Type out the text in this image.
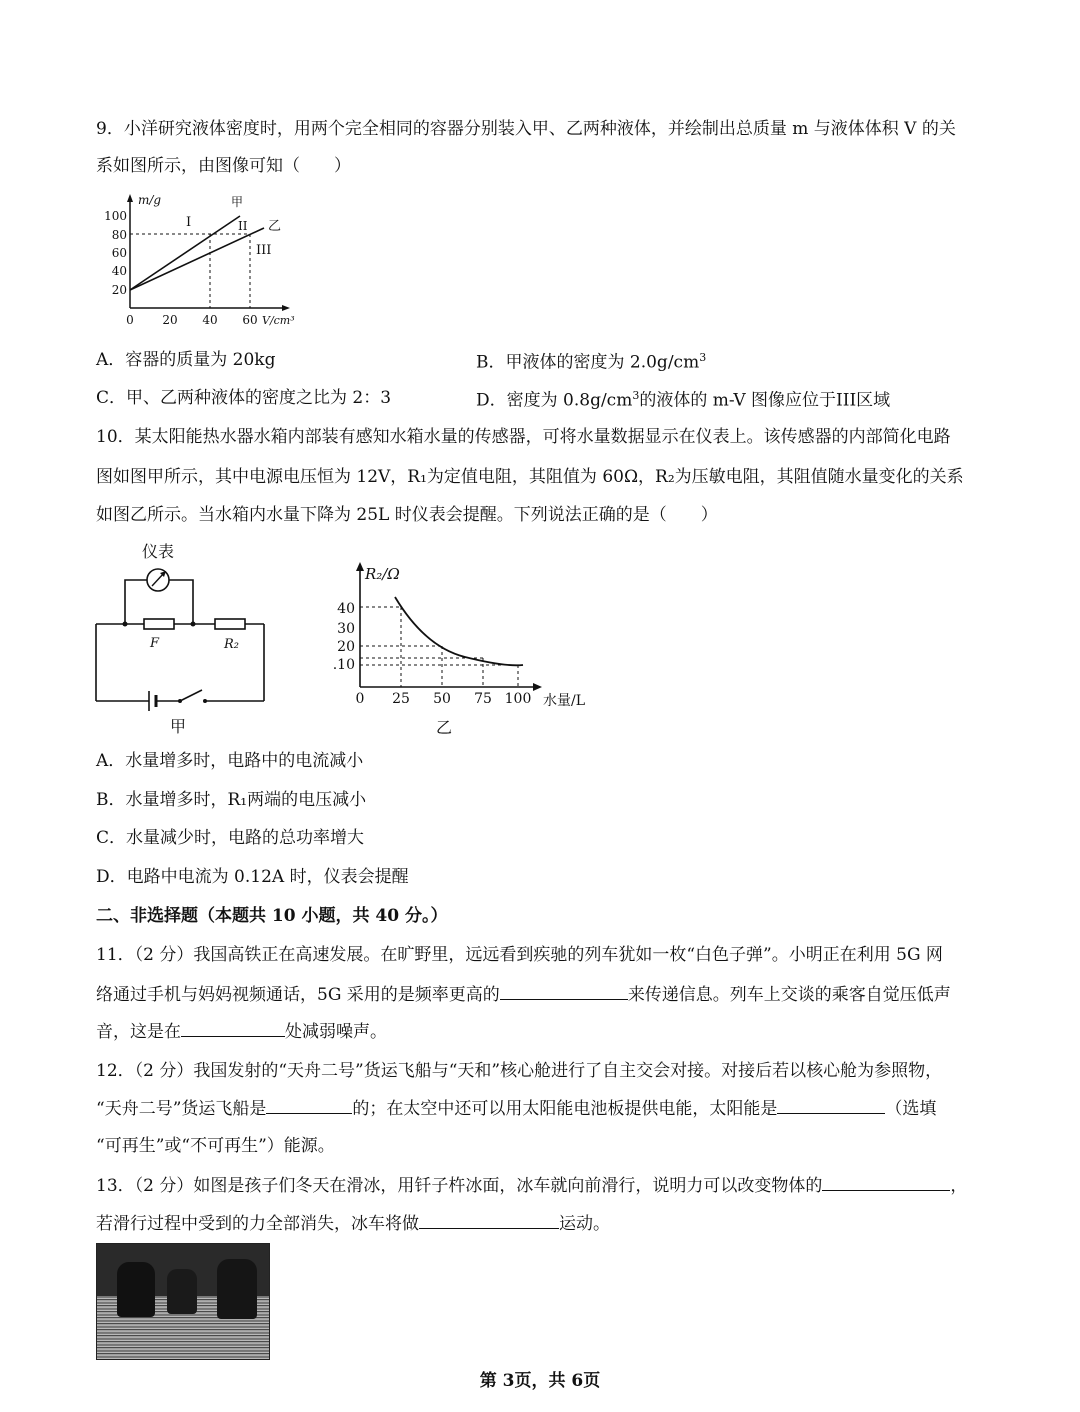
9．小洋研究液体密度时，用两个完全相同的容器分别装入甲、乙两种液体，并绘制出总质量 m 与液体体积 V 的关
系如图所示，由图像可知（　　）
m/g
100
80
60
40
20
0 20 40 60 V/cm³
甲
乙
I	II
III
A．容器的质量为 20kg	B．甲液体的密度为 $2.0g/cm^3$
C．甲、乙两种液体的密度之比为 2：3	D．密度为 $0.8g/cm^3$的液体的 m-V 图像应位于III区域
10．某太阳能热水器水箱内部装有感知水箱水量的传感器，可将水量数据显示在仪表上。该传感器的内部简化电路
图如图甲所示，其中电源电压恒为 12V，R₁为定值电阻，其阻值为 60Ω，R₂为压敏电阻，其阻值随水量变化的关系
如图乙所示。当水箱内水量下降为 25L 时仪表会提醒。下列说法正确的是（　　）
仪表
F	R₂
甲
R₂/Ω
40
30
20
.10
0 25 50 75 100 水量/L
乙
A．水量增多时，电路中的电流减小
B．水量增多时，R₁两端的电压减小
C．水量减少时，电路的总功率增大
D．电路中电流为 0.12A 时，仪表会提醒
二、非选择题（本题共 10 小题，共 40 分。）
11．（2 分）我国高铁正在高速发展。在旷野里，远远看到疾驰的列车犹如一枚“白色子弹”。小明正在利用 5G 网
络通过手机与妈妈视频通话，5G 采用的是频率更高的	来传递信息。列车上交谈的乘客自觉压低声
音，这是在	处减弱噪声。
12．（2 分）我国发射的“天舟二号”货运飞船与“天和”核心舱进行了自主交会对接。对接后若以核心舱为参照物，
“天舟二号”货运飞船是	的；在太空中还可以用太阳能电池板提供电能，太阳能是	（选填
“可再生”或“不可再生”）能源。
13．（2 分）如图是孩子们冬天在滑冰，用钎子杵冰面，冰车就向前滑行，说明力可以改变物体的	，
若滑行过程中受到的力全部消失，冰车将做	运动。
第 3页，共 6页
